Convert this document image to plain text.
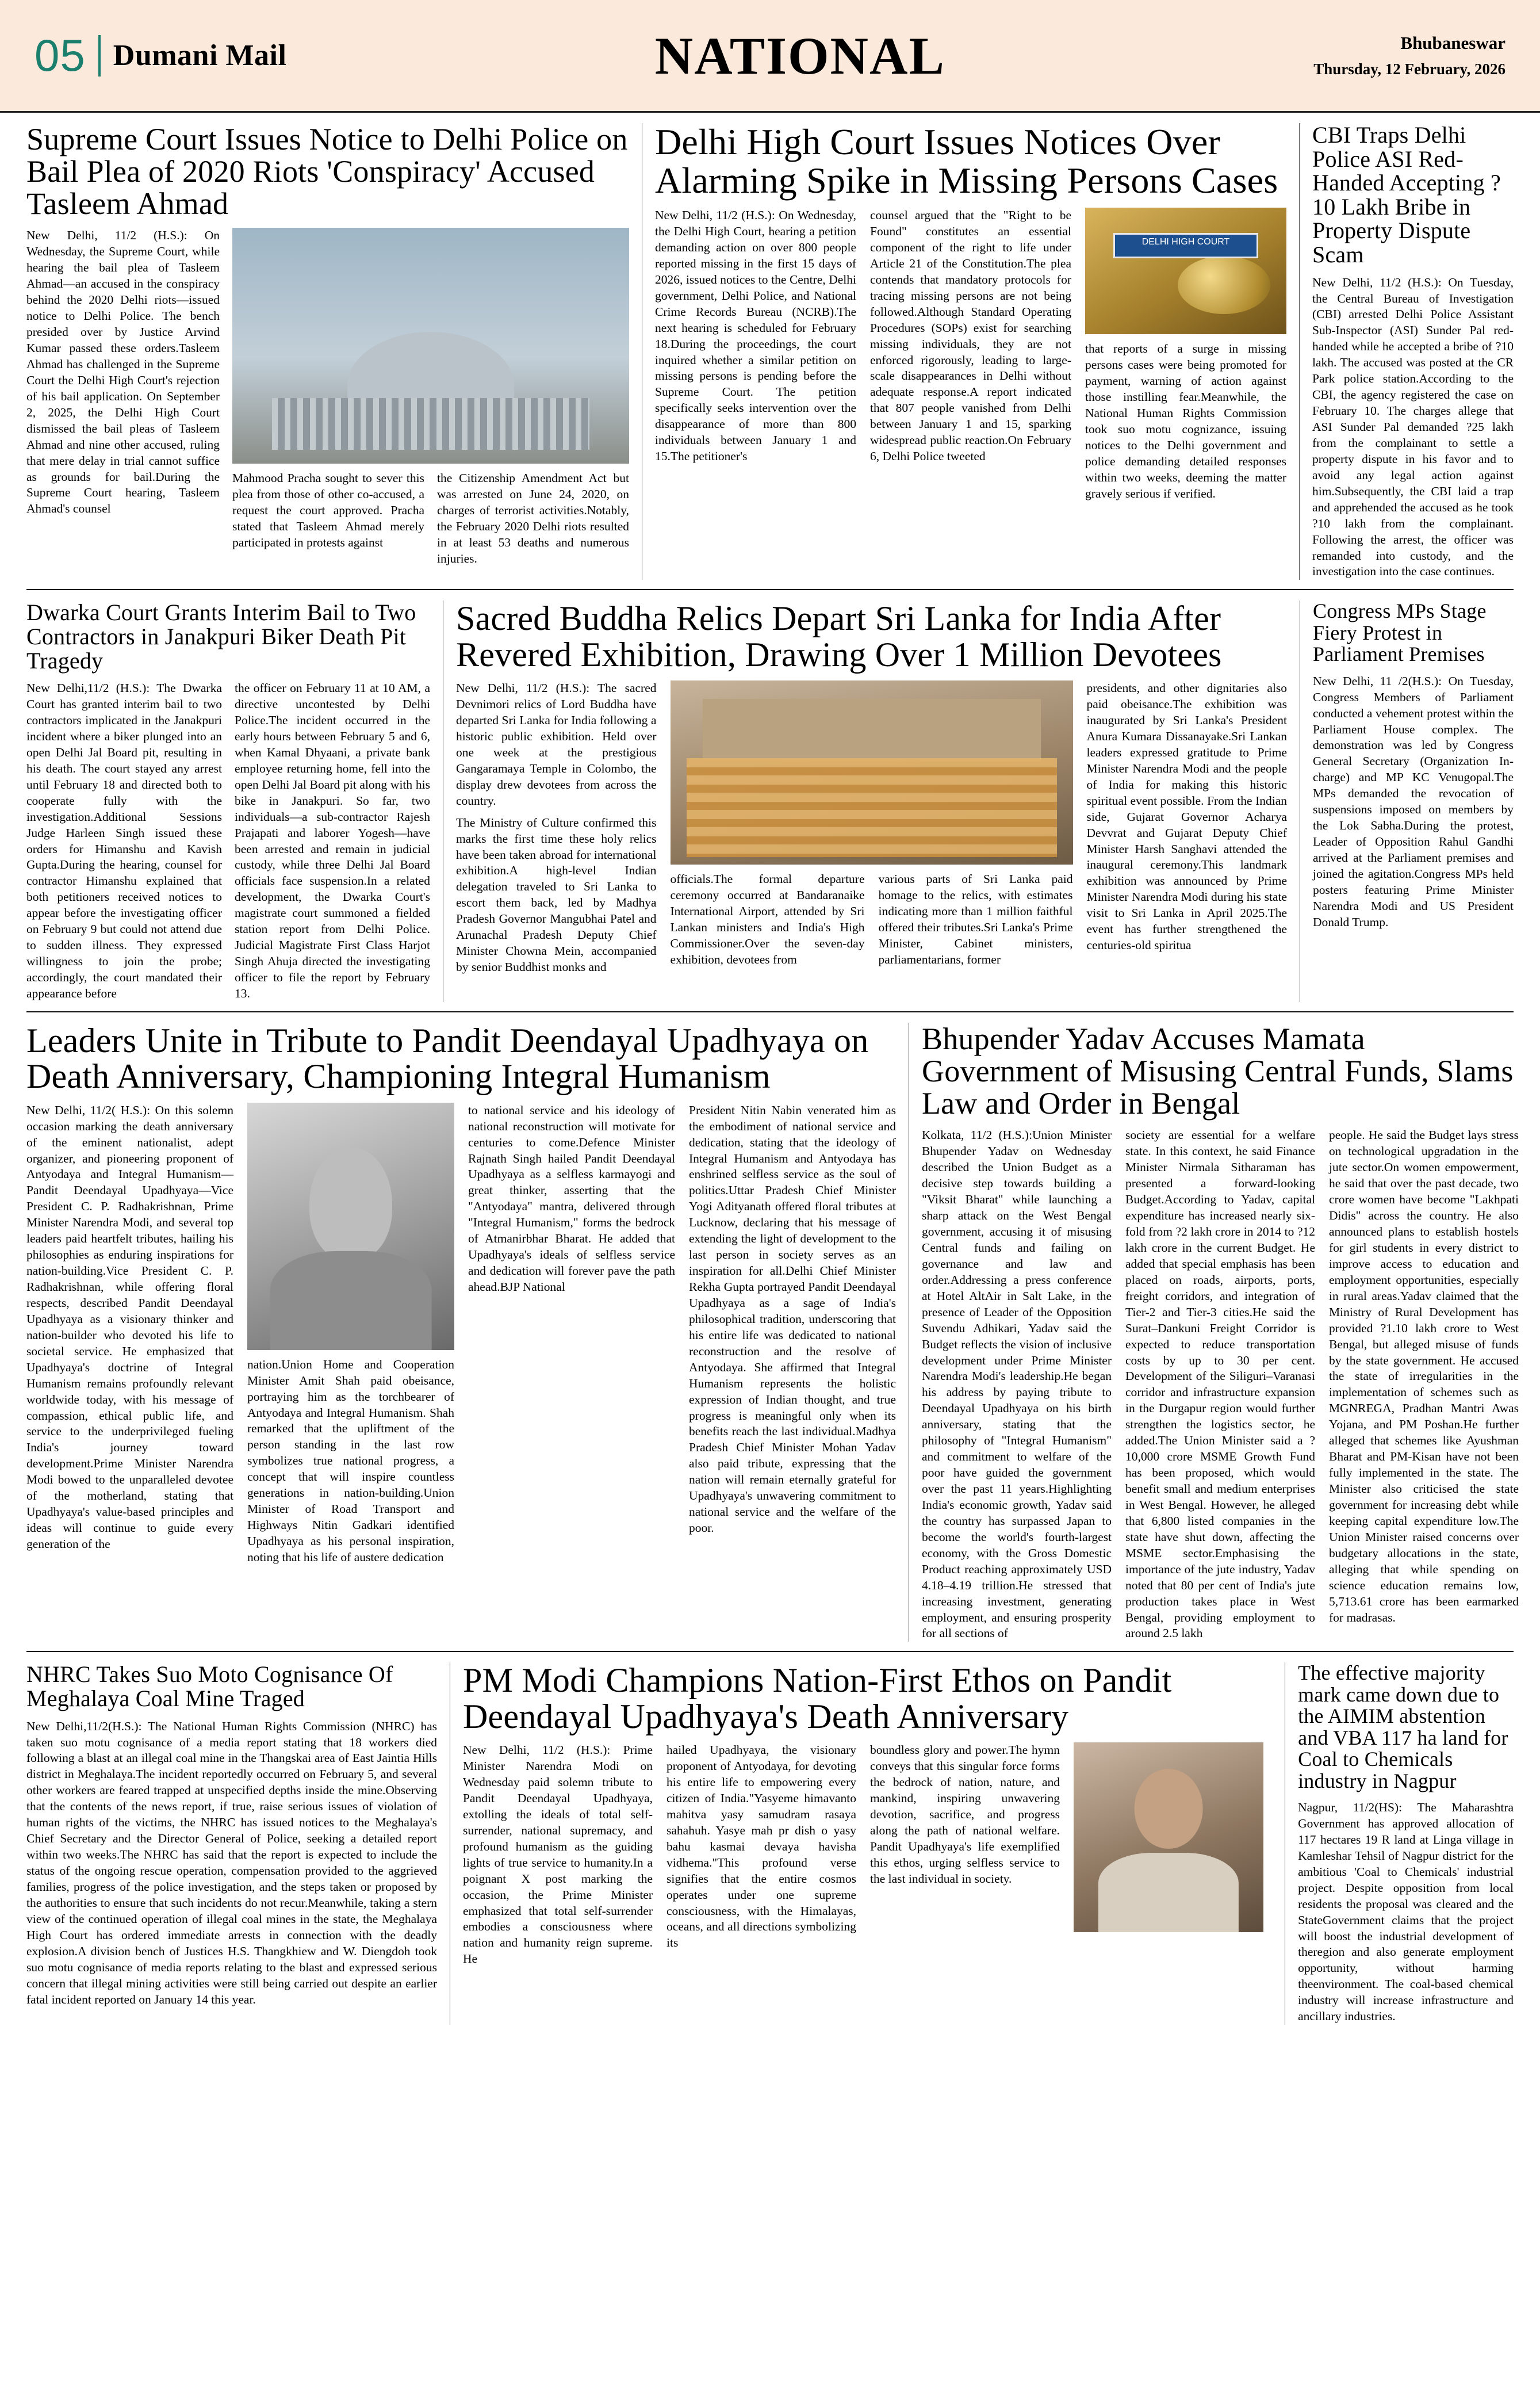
05 Dumani Mail	NATIONAL	Bhubaneswar
Thursday, 12 February, 2026
Supreme Court Issues Notice to Delhi Police on Bail Plea of 2020 Riots 'Conspiracy' Accused Tasleem Ahmad

New Delhi, 11/2 (H.S.): On Wednesday, the Supreme Court, while hearing the bail plea of Tasleem Ahmad—an accused in the conspiracy behind the 2020 Delhi riots—issued notice to Delhi Police. The bench presided over by Justice Arvind Kumar passed these orders.Tasleem Ahmad has challenged in the Supreme Court the Delhi High Court's rejection of his bail application. On September 2, 2025, the Delhi High Court dismissed the bail pleas of Tasleem Ahmad and nine other accused, ruling that mere delay in trial cannot suffice as grounds for bail.During the Supreme Court hearing, Tasleem Ahmad's counsel

Mahmood Pracha sought to sever this plea from those of other co-accused, a request the court approved. Pracha stated that Tasleem Ahmad merely participated in protests against

the Citizenship Amendment Act but was arrested on June 24, 2020, on charges of terrorist activities.Notably, the February 2020 Delhi riots resulted in at least 53 deaths and numerous injuries.

Delhi High Court Issues Notices Over Alarming Spike in Missing Persons Cases

New Delhi, 11/2 (H.S.): On Wednesday, the Delhi High Court, hearing a petition demanding action on over 800 people reported missing in the first 15 days of 2026, issued notices to the Centre, Delhi government, Delhi Police, and National Crime Records Bureau (NCRB).The next hearing is scheduled for February 18.During the proceedings, the court inquired whether a similar petition on missing persons is pending before the Supreme Court. The petition specifically seeks intervention over the disappearance of more than 800 individuals between January 1 and 15.The petitioner's

counsel argued that the "Right to be Found" constitutes an essential component of the right to life under Article 21 of the Constitution.The plea contends that mandatory protocols for tracing missing persons are not being followed.Although Standard Operating Procedures (SOPs) exist for searching missing individuals, they are not enforced rigorously, leading to large-scale disappearances in Delhi without adequate response.A report indicated that 807 people vanished from Delhi between January 1 and 15, sparking widespread public reaction.On February 6, Delhi Police tweeted

DELHI HIGH COURT

that reports of a surge in missing persons cases were being promoted for payment, warning of action against those instilling fear.Meanwhile, the National Human Rights Commission took suo motu cognizance, issuing notices to the Delhi government and police demanding detailed responses within two weeks, deeming the matter gravely serious if verified.

CBI Traps Delhi Police ASI Red-Handed Accepting ?10 Lakh Bribe in Property Dispute Scam

New Delhi, 11/2 (H.S.): On Tuesday, the Central Bureau of Investigation (CBI) arrested Delhi Police Assistant Sub-Inspector (ASI) Sunder Pal red-handed while he accepted a bribe of ?10 lakh. The accused was posted at the CR Park police station.According to the CBI, the agency registered the case on February 10. The charges allege that ASI Sunder Pal demanded ?25 lakh from the complainant to settle a property dispute in his favor and to avoid any legal action against him.Subsequently, the CBI laid a trap and apprehended the accused as he took ?10 lakh from the complainant. Following the arrest, the officer was remanded into custody, and the investigation into the case continues.

Dwarka Court Grants Interim Bail to Two Contractors in Janakpuri Biker Death Pit Tragedy

New Delhi,11/2 (H.S.): The Dwarka Court has granted interim bail to two contractors implicated in the Janakpuri incident where a biker plunged into an open Delhi Jal Board pit, resulting in his death. The court stayed any arrest until February 18 and directed both to cooperate fully with the investigation.Additional Sessions Judge Harleen Singh issued these orders for Himanshu and Kavish Gupta.During the hearing, counsel for contractor Himanshu explained that both petitioners received notices to appear before the investigating officer on February 9 but could not attend due to sudden illness. They expressed willingness to join the probe; accordingly, the court mandated their appearance before

the officer on February 11 at 10 AM, a directive uncontested by Delhi Police.The incident occurred in the early hours between February 5 and 6, when Kamal Dhyaani, a private bank employee returning home, fell into the open Delhi Jal Board pit along with his bike in Janakpuri. So far, two individuals—a sub-contractor Rajesh Prajapati and laborer Yogesh—have been arrested and remain in judicial custody, while three Delhi Jal Board officials face suspension.In a related development, the Dwarka Court's magistrate court summoned a fielded station report from Delhi Police. Judicial Magistrate First Class Harjot Singh Ahuja directed the investigating officer to file the report by February 13.

Sacred Buddha Relics Depart Sri Lanka for India After Revered Exhibition, Drawing Over 1 Million Devotees

New Delhi, 11/2 (H.S.): The sacred Devnimori relics of Lord Buddha have departed Sri Lanka for India following a historic public exhibition. Held over one week at the prestigious Gangaramaya Temple in Colombo, the display drew devotees from across the country.

The Ministry of Culture confirmed this marks the first time these holy relics have been taken abroad for international exhibition.A high-level Indian delegation traveled to Sri Lanka to escort them back, led by Madhya Pradesh Governor Mangubhai Patel and Arunachal Pradesh Deputy Chief Minister Chowna Mein, accompanied by senior Buddhist monks and

officials.The formal departure ceremony occurred at Bandaranaike International Airport, attended by Sri Lankan ministers and India's High Commissioner.Over the seven-day exhibition, devotees from

various parts of Sri Lanka paid homage to the relics, with estimates indicating more than 1 million faithful offered their tributes.Sri Lanka's Prime Minister, Cabinet ministers, parliamentarians, former

presidents, and other dignitaries also paid obeisance.The exhibition was inaugurated by Sri Lanka's President Anura Kumara Dissanayake.Sri Lankan leaders expressed gratitude to Prime Minister Narendra Modi and the people of India for making this historic spiritual event possible. From the Indian side, Gujarat Governor Acharya Devvrat and Gujarat Deputy Chief Minister Harsh Sanghavi attended the inaugural ceremony.This landmark exhibition was announced by Prime Minister Narendra Modi during his state visit to Sri Lanka in April 2025.The event has further strengthened the centuries-old spiritua

Congress MPs Stage Fiery Protest in Parliament Premises

New Delhi, 11 /2(H.S.): On Tuesday, Congress Members of Parliament conducted a vehement protest within the Parliament House complex. The demonstration was led by Congress General Secretary (Organization In-charge) and MP KC Venugopal.The MPs demanded the revocation of suspensions imposed on members by the Lok Sabha.During the protest, Leader of Opposition Rahul Gandhi arrived at the Parliament premises and joined the agitation.Congress MPs held posters featuring Prime Minister Narendra Modi and US President Donald Trump.

Leaders Unite in Tribute to Pandit Deendayal Upadhyaya on Death Anniversary, Championing Integral Humanism

New Delhi, 11/2( H.S.): On this solemn occasion marking the death anniversary of the eminent nationalist, adept organizer, and pioneering proponent of Antyodaya and Integral Humanism—Pandit Deendayal Upadhyaya—Vice President C. P. Radhakrishnan, Prime Minister Narendra Modi, and several top leaders paid heartfelt tributes, hailing his philosophies as enduring inspirations for nation-building.Vice President C. P. Radhakrishnan, while offering floral respects, described Pandit Deendayal Upadhyaya as a visionary thinker and nation-builder who devoted his life to societal service. He emphasized that Upadhyaya's doctrine of Integral Humanism remains profoundly relevant worldwide today, with his message of compassion, ethical public life, and service to the underprivileged fueling India's journey toward development.Prime Minister Narendra Modi bowed to the unparalleled devotee of the motherland, stating that Upadhyaya's value-based principles and ideas will continue to guide every generation of the

nation.Union Home and Cooperation Minister Amit Shah paid obeisance, portraying him as the torchbearer of Antyodaya and Integral Humanism. Shah remarked that the upliftment of the person standing in the last row symbolizes true national progress, a concept that will inspire countless generations in nation-building.Union Minister of Road Transport and Highways Nitin Gadkari identified Upadhyaya as his personal inspiration, noting that his life of austere dedication

to national service and his ideology of national reconstruction will motivate for centuries to come.Defence Minister Rajnath Singh hailed Pandit Deendayal Upadhyaya as a selfless karmayogi and great thinker, asserting that the "Antyodaya" mantra, delivered through "Integral Humanism," forms the bedrock of Atmanirbhar Bharat. He added that Upadhyaya's ideals of selfless service and dedication will forever pave the path ahead.BJP National

President Nitin Nabin venerated him as the embodiment of national service and dedication, stating that the ideology of Integral Humanism and Antyodaya has enshrined selfless service as the soul of politics.Uttar Pradesh Chief Minister Yogi Adityanath offered floral tributes at Lucknow, declaring that his message of extending the light of development to the last person in society serves as an inspiration for all.Delhi Chief Minister Rekha Gupta portrayed Pandit Deendayal Upadhyaya as a sage of India's philosophical tradition, underscoring that his entire life was dedicated to national reconstruction and the resolve of Antyodaya. She affirmed that Integral Humanism represents the holistic expression of Indian thought, and true progress is meaningful only when its benefits reach the last individual.Madhya Pradesh Chief Minister Mohan Yadav also paid tribute, expressing that the nation will remain eternally grateful for Upadhyaya's unwavering commitment to national service and the welfare of the poor.

Bhupender Yadav Accuses Mamata Government of Misusing Central Funds, Slams Law and Order in Bengal

Kolkata, 11/2 (H.S.):Union Minister Bhupender Yadav on Wednesday described the Union Budget as a decisive step towards building a "Viksit Bharat" while launching a sharp attack on the West Bengal government, accusing it of misusing Central funds and failing on governance and law and order.Addressing a press conference at Hotel AltAir in Salt Lake, in the presence of Leader of the Opposition Suvendu Adhikari, Yadav said the Budget reflects the vision of inclusive development under Prime Minister Narendra Modi's leadership.He began his address by paying tribute to Deendayal Upadhyaya on his birth anniversary, stating that the philosophy of "Integral Humanism" and commitment to welfare of the poor have guided the government over the past 11 years.Highlighting India's economic growth, Yadav said the country has surpassed Japan to become the world's fourth-largest economy, with the Gross Domestic Product reaching approximately USD 4.18–4.19 trillion.He stressed that increasing investment, generating employment, and ensuring prosperity for all sections of

society are essential for a welfare state. In this context, he said Finance Minister Nirmala Sitharaman has presented a forward-looking Budget.According to Yadav, capital expenditure has increased nearly six-fold from ?2 lakh crore in 2014 to ?12 lakh crore in the current Budget. He added that special emphasis has been placed on roads, airports, ports, freight corridors, and integration of Tier-2 and Tier-3 cities.He said the Surat–Dankuni Freight Corridor is expected to reduce transportation costs by up to 30 per cent. Development of the Siliguri–Varanasi corridor and infrastructure expansion in the Durgapur region would further strengthen the logistics sector, he added.The Union Minister said a ?10,000 crore MSME Growth Fund has been proposed, which would benefit small and medium enterprises in West Bengal. However, he alleged that 6,800 listed companies in the state have shut down, affecting the MSME sector.Emphasising the importance of the jute industry, Yadav noted that 80 per cent of India's jute production takes place in West Bengal, providing employment to around 2.5 lakh

people. He said the Budget lays stress on technological upgradation in the jute sector.On women empowerment, he said that over the past decade, two crore women have become "Lakhpati Didis" across the country. He also announced plans to establish hostels for girl students in every district to improve access to education and employment opportunities, especially in rural areas.Yadav claimed that the Ministry of Rural Development has provided ?1.10 lakh crore to West Bengal, but alleged misuse of funds by the state government. He accused the state of irregularities in the implementation of schemes such as MGNREGA, Pradhan Mantri Awas Yojana, and PM Poshan.He further alleged that schemes like Ayushman Bharat and PM-Kisan have not been fully implemented in the state. The Minister also criticised the state government for increasing debt while keeping capital expenditure low.The Union Minister raised concerns over budgetary allocations in the state, alleging that while spending on science education remains low, 5,713.61 crore has been earmarked for madrasas.

NHRC Takes Suo Moto Cognisance Of Meghalaya Coal Mine Traged

New Delhi,11/2(H.S.): The National Human Rights Commission (NHRC) has taken suo motu cognisance of a media report stating that 18 workers died following a blast at an illegal coal mine in the Thangskai area of East Jaintia Hills district in Meghalaya.The incident reportedly occurred on February 5, and several other workers are feared trapped at unspecified depths inside the mine.Observing that the contents of the news report, if true, raise serious issues of violation of human rights of the victims, the NHRC has issued notices to the Meghalaya's Chief Secretary and the Director General of Police, seeking a detailed report within two weeks.The NHRC has said that the report is expected to include the status of the ongoing rescue operation, compensation provided to the aggrieved families, progress of the police investigation, and the steps taken or proposed by the authorities to ensure that such incidents do not recur.Meanwhile, taking a stern view of the continued operation of illegal coal mines in the state, the Meghalaya High Court has ordered immediate arrests in connection with the deadly explosion.A division bench of Justices H.S. Thangkhiew and W. Diengdoh took suo motu cognisance of media reports relating to the blast and expressed serious concern that illegal mining activities were still being carried out despite an earlier fatal incident reported on January 14 this year.

PM Modi Champions Nation-First Ethos on Pandit Deendayal Upadhyaya's Death Anniversary

New Delhi, 11/2 (H.S.): Prime Minister Narendra Modi on Wednesday paid solemn tribute to Pandit Deendayal Upadhyaya, extolling the ideals of total self-surrender, national supremacy, and profound humanism as the guiding lights of true service to humanity.In a poignant X post marking the occasion, the Prime Minister emphasized that total self-surrender embodies a consciousness where nation and humanity reign supreme. He

hailed Upadhyaya, the visionary proponent of Antyodaya, for devoting his entire life to empowering every citizen of India."Yasyeme himavanto mahitva yasy samudram rasaya sahahuh. Yasye mah pr dish o yasy bahu kasmai devaya havisha vidhema."This profound verse signifies that the entire cosmos operates under one supreme consciousness, with the Himalayas, oceans, and all directions symbolizing its

boundless glory and power.The hymn conveys that this singular force forms the bedrock of nation, nature, and mankind, inspiring unwavering devotion, sacrifice, and progress along the path of national welfare. Pandit Upadhyaya's life exemplified this ethos, urging selfless service to the last individual in society.

The effective majority mark came down due to the AIMIM abstention and VBA 117 ha land for Coal to Chemicals industry in Nagpur

Nagpur, 11/2(HS): The Maharashtra Government has approved allocation of 117 hectares 19 R land at Linga village in Kamleshar Tehsil of Nagpur district for the ambitious 'Coal to Chemicals' industrial project. Despite opposition from local residents the proposal was cleared and the StateGovernment claims that the project will boost the industrial development of theregion and also generate employment opportunity, without harming theenvironment. The coal-based chemical industry will increase infrastructure and ancillary industries.
